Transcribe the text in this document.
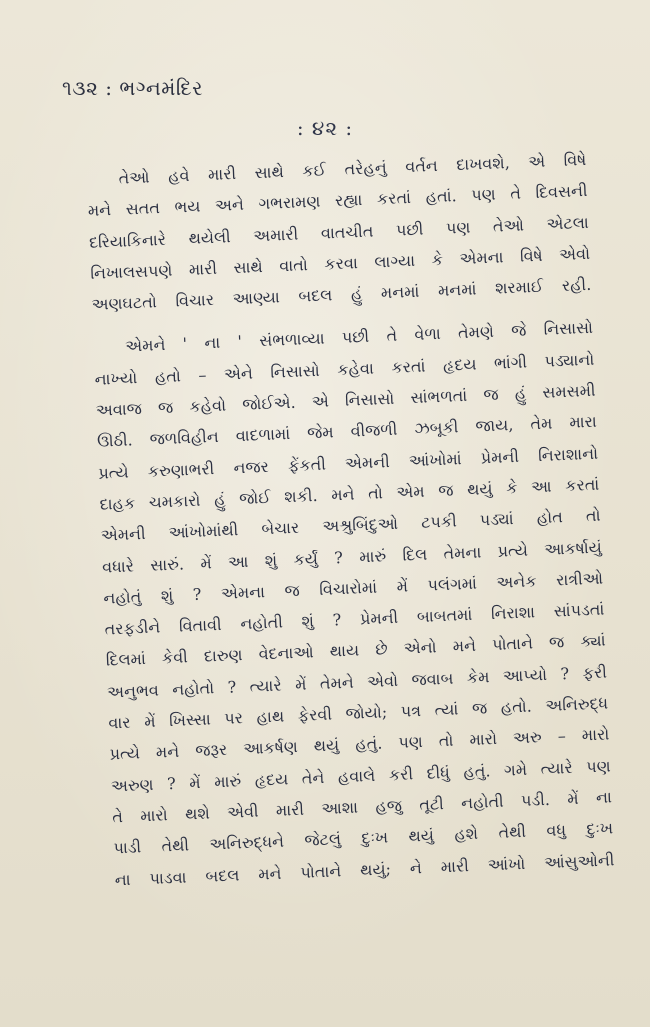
૧૩૨ : ભગ્નમંદિર
: ૪૨ :

તેઓ હવે મારી સાથે કઈ તરેહનું વર્તન દાખવશે, એ વિષે
મને સતત ભય અને ગભરામણ રહ્યા કરતાં હતાં. પણ તે દિવસની
દરિયાકિનારે થયેલી અમારી વાતચીત પછી પણ તેઓ એટલા
નિખાલસપણે મારી સાથે વાતો કરવા લાગ્યા કે એમના વિષે એવો
અણઘટતો વિચાર આણ્યા બદલ હું મનમાં મનમાં શરમાઈ રહી.

એમને ' ના ' સંભળાવ્યા પછી તે વેળા તેમણે જે નિસાસો
નાખ્યો હતો – એને નિસાસો કહેવા કરતાં હૃદય ભાંગી પડ્યાનો
અવાજ જ કહેવો જોઈએ. એ નિસાસો સાંભળતાં જ હું સમસમી
ઊઠી. જળવિહીન વાદળામાં જેમ વીજળી ઝબૂકી જાય, તેમ મારા
પ્રત્યે કરુણાભરી નજર ફેંકતી એમની આંખોમાં પ્રેમની નિરાશાનો
દાહક ચમકારો હું જોઈ શકી. મને તો એમ જ થયું કે આ કરતાં
એમની આંખોમાંથી બેચાર અશ્રુબિંદુઓ ટપકી પડ્યાં હોત તો
વધારે સારું. મેં આ શું કર્યું ? મારું દિલ તેમના પ્રત્યે આકર્ષાયું
નહોતું શું ? એમના જ વિચારોમાં મેં પલંગમાં અનેક રાત્રીઓ
તરફડીને વિતાવી નહોતી શું ? પ્રેમની બાબતમાં નિરાશા સાંપડતાં
દિલમાં કેવી દારુણ વેદનાઓ થાય છે એનો મને પોતાને જ ક્યાં
અનુભવ નહોતો ? ત્યારે મેં તેમને એવો જવાબ કેમ આપ્યો ? ફરી
વાર મેં ખિસ્સા પર હાથ ફેરવી જોયો; પત્ર ત્યાં જ હતો. અનિરુદ્ધ
પ્રત્યે મને જરૂર આકર્ષણ થયું હતું. પણ તો મારો અરુ – મારો
અરુણ ? મેં મારું હૃદય તેને હવાલે કરી દીધું હતું. ગમે ત્યારે પણ
તે મારો થશે એવી મારી આશા હજુ તૂટી નહોતી પડી. મેં ના
પાડી તેથી અનિરુદ્ધને જેટલું દુઃખ થયું હશે તેથી વધુ દુઃખ
ના પાડવા બદલ મને પોતાને થયું; ને મારી આંખો આંસુઓની
